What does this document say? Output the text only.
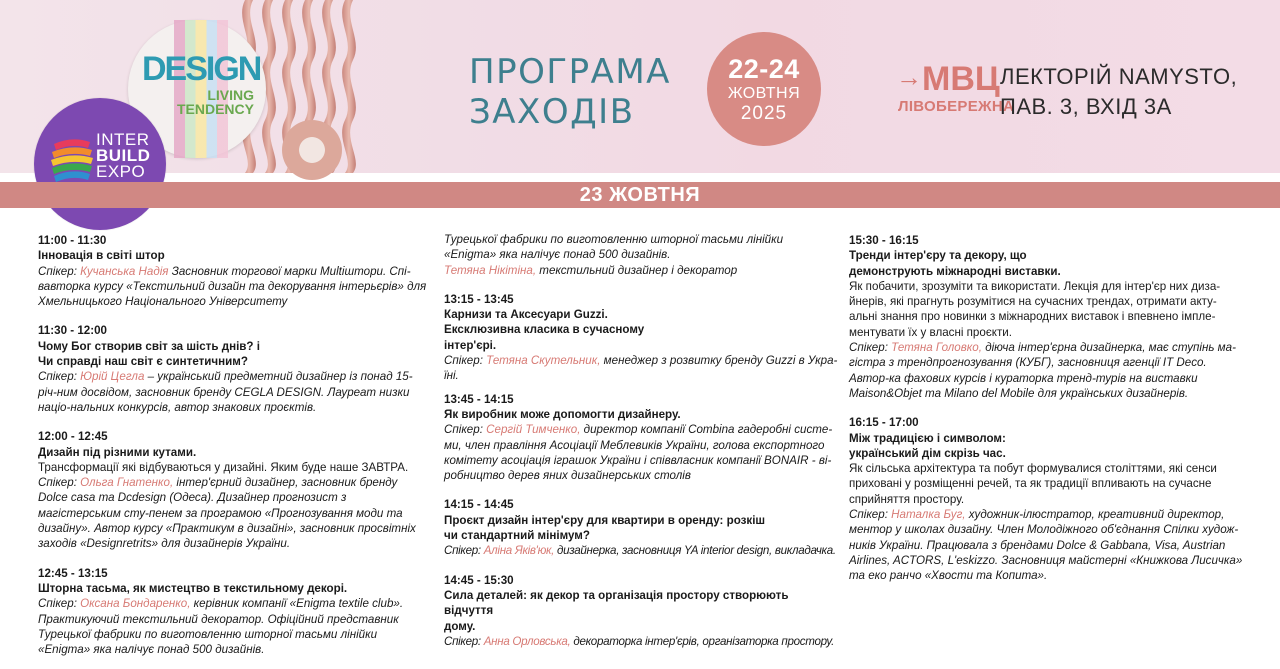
DESIGN
LIVING
TENDENCY
INTER
BUILD
EXPO
ПРОГРАМА
ЗАХОДІВ
22-24
ЖОВТНЯ
2025
→МВЦ
ЛІВОБЕРЕЖНА
ЛЕКТОРІЙ NAMYSTO,
ПАВ. 3, ВХІД 3А
23 ЖОВТНЯ
11:00 - 11:30
Інновація в світі штор
Спікер: Кучанська Надія Засновник торгової марки Multiштори. Спі-вавторка курсу «Текстильний дизайн та декорування інтерьєрів» для Хмельницького Національного Університету
11:30 - 12:00
Чому Бог створив світ за шість днів? і
Чи справді наш світ є синтетичним?
Спікер: Юрій Цегла – український предметний дизайнер із понад 15-річ-ним досвідом, засновник бренду CEGLA DESIGN. Лауреат низки націо-нальних конкурсів, автор знакових проєктів.
12:00 - 12:45
Дизайн під різними кутами.
Трансформації які відбуваються у дизайні. Яким буде наше ЗАВТРА.
Спікер: Ольга Гнатенко, інтер'єрний дизайнер, засновник бренду Dolce casa та Dcdesign (Одеса). Дизайнер прогнозист з магістерським сту-пенем за програмою «Прогнозування моди та дизайну». Автор курсу «Практикум в дизайні», засновник просвітніх заходів «Designretrits» для дизайнерів України.
12:45 - 13:15
Шторна тасьма, як мистецтво в текстильному декорі.
Спікер: Оксана Бондаренко, керівник компанії «Enigma textile club». Практикуючий текстильний декоратор. Офіційний представник Турецької фабрики по виготовленню шторної тасьми лінійки «Enigma» яка налічує понад 500 дизайнів.
Турецької фабрики по виготовленню шторної тасьми лінійки «Enigma» яка налічує понад 500 дизайнів.
Тетяна Нікітіна, текстильний дизайнер і декоратор
13:15 - 13:45
Карнизи та Аксесуари Guzzi.
Ексклюзивна класика в сучасному
інтер'єрі.
Спікер: Тетяна Скутельник, менеджер з розвитку бренду Guzzi в Укра-їні.
13:45 - 14:15
Як виробник може допомогти дизайнеру.
Спікер: Сергій Тимченко, директор компанії Combina гадеробні систе-ми, член правління Асоціації Меблевиків України, голова експортного комітету асоціація іграшок України і співвласник компанії BONAIR - ві-робництво дерев яних дизайнерських столів
14:15 - 14:45
Проєкт дизайн інтер'єру для квартири в оренду: розкіш
чи стандартний мінімум?
Спікер: Аліна Яків'юк, дизайнерка, засновниця YA interior design, викладачка.
14:45 - 15:30
Сила деталей: як декор та організація простору створюють відчуття
дому.
Спікер: Анна Орловська, декораторка інтер'єрів, організаторка простору.
15:30 - 16:15
Тренди інтер'єру та декору, що
демонструють міжнародні виставки.
Як побачити, зрозуміти та використати. Лекція для інтер'єр них диза-йнерів, які прагнуть розумітися на сучасних трендах, отримати акту-альні знання про новинки з міжнародних виставок і впевнено імпле-ментувати їх у власні проєкти.
Спікер: Тетяна Головко, діюча інтер'єрна дизайнерка, має ступінь ма-гістра з трендпрогнозування (КУБГ), засновниця агенції IT Deco. Автор-ка фахових курсів і кураторка тренд-турів на виставки Maison&Objet та Milano del Mobile для українських дизайнерів.
16:15 - 17:00
Між традицією і символом:
український дім скрізь час.
Як сільська архітектура та побут формувалися століттями, які сенси приховані у розміщенні речей, та як традиції впливають на сучасне сприйняття простору.
Спікер: Наталка Буг, художник-ілюстратор, креативний директор, ментор у школах дизайну. Член Молодіжного об'єднання Спілки худож-ників України. Працювала з брендами Dolce & Gabbana, Visa, Austrian Airlines, ACTORS, L'eskizzo. Засновниця майстерні «Книжкова Лисичка» та еко ранчо «Хвости та Копита».
